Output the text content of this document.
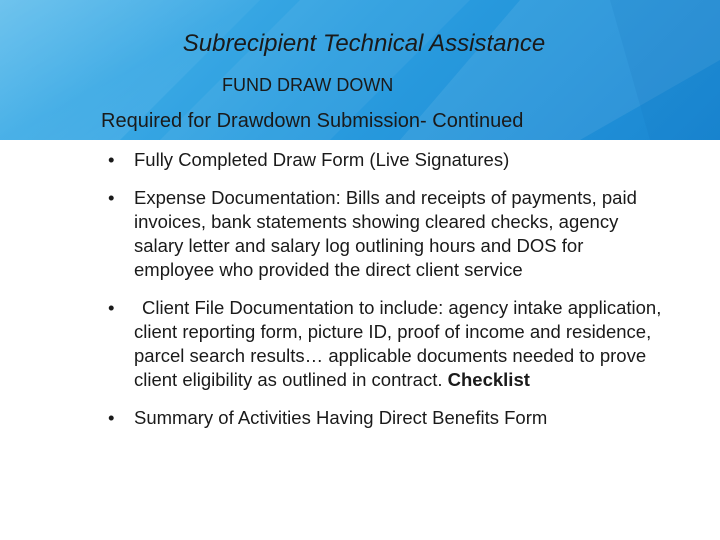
Subrecipient Technical Assistance
FUND DRAW DOWN
Required for Drawdown Submission- Continued
•	Fully Completed Draw Form (Live Signatures)
•	Expense Documentation: Bills and receipts of payments, paid invoices, bank statements showing cleared checks, agency salary letter and salary log outlining hours and DOS for employee who provided the direct client service
•	Client File Documentation to include: agency intake application, client reporting form, picture ID, proof of income and residence, parcel search results… applicable documents needed to prove client eligibility as outlined in contract. Checklist
•	Summary of Activities Having Direct Benefits Form
